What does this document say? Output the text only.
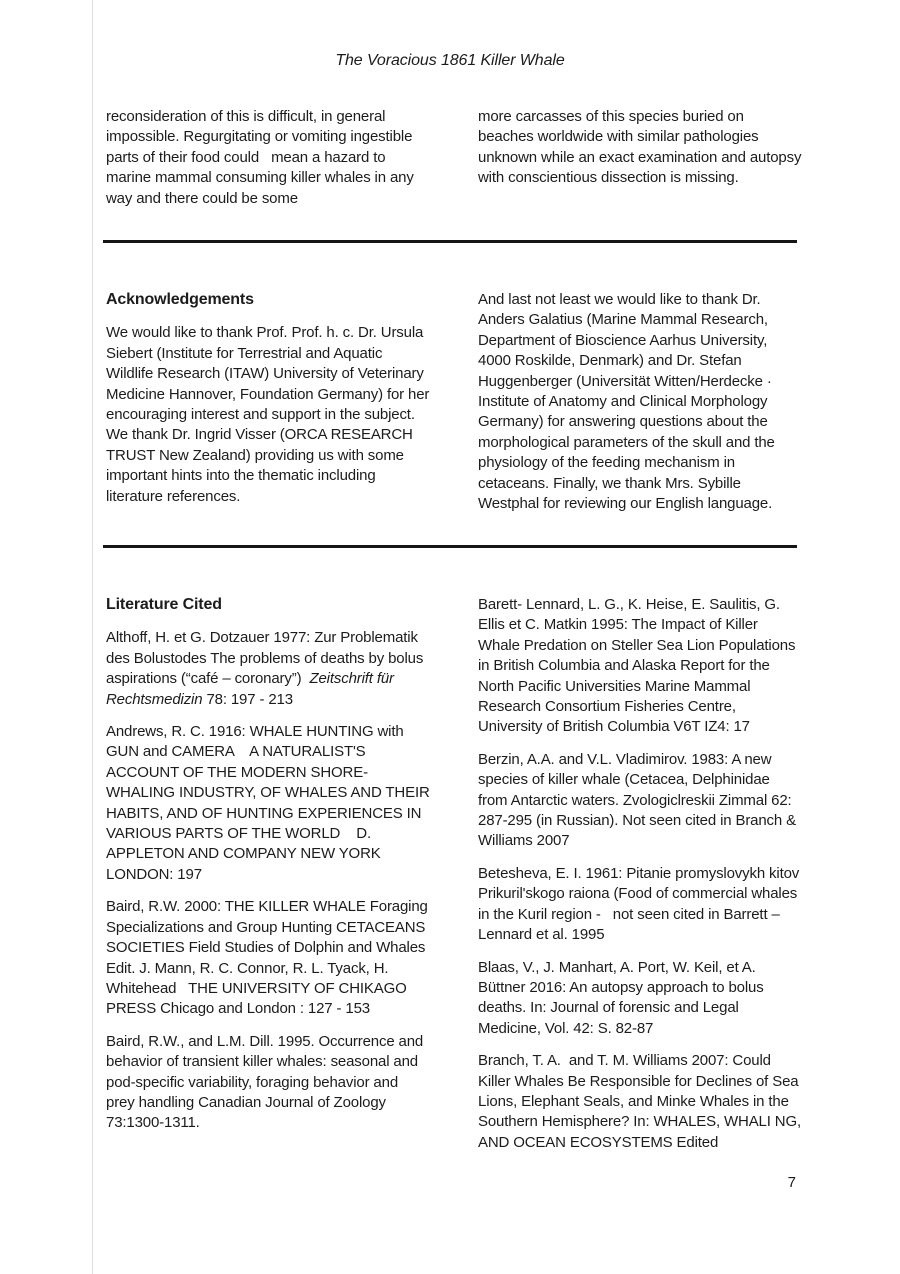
The Voracious 1861 Killer Whale

reconsideration of this is difficult, in general impossible. Regurgitating or vomiting ingestible parts of their food could   mean a hazard to marine mammal consuming killer whales in any way and there could be some

more carcasses of this species buried on beaches worldwide with similar pathologies unknown while an exact examination and autopsy with conscientious dissection is missing.

Acknowledgements

We would like to thank Prof. Prof. h. c. Dr. Ursula Siebert (Institute for Terrestrial and Aquatic Wildlife Research (ITAW) University of Veterinary Medicine Hannover, Foundation Germany) for her encouraging interest and support in the subject. We thank Dr. Ingrid Visser (ORCA RESEARCH TRUST New Zealand) providing us with some important hints into the thematic including literature references.

And last not least we would like to thank Dr. Anders Galatius (Marine Mammal Research, Department of Bioscience Aarhus University, 4000 Roskilde, Denmark) and Dr. Stefan Huggenberger (Universität Witten/Herdecke · Institute of Anatomy and Clinical Morphology Germany) for answering questions about the morphological parameters of the skull and the physiology of the feeding mechanism in cetaceans. Finally, we thank Mrs. Sybille Westphal for reviewing our English language.

Literature Cited

Althoff, H. et G. Dotzauer 1977: Zur Problematik des Bolustodes The problems of deaths by bolus aspirations (“café – coronary”)  Zeitschrift für Rechtsmedizin 78: 197 - 213

Andrews, R. C. 1916: WHALE HUNTING with GUN and CAMERA    A NATURALIST'S ACCOUNT OF THE MODERN SHORE-WHALING INDUSTRY, OF WHALES AND THEIR HABITS, AND OF HUNTING EXPERIENCES IN VARIOUS PARTS OF THE WORLD    D. APPLETON AND COMPANY NEW YORK LONDON: 197

Baird, R.W. 2000: THE KILLER WHALE Foraging Specializations and Group Hunting CETACEANS SOCIETIES Field Studies of Dolphin and Whales Edit. J. Mann, R. C. Connor, R. L. Tyack, H. Whitehead   THE UNIVERSITY OF CHIKAGO PRESS Chicago and London : 127 - 153

Baird, R.W., and L.M. Dill. 1995. Occurrence and behavior of transient killer whales: seasonal and pod-specific variability, foraging behavior and prey handling Canadian Journal of Zoology 73:1300-1311.

Barett- Lennard, L. G., K. Heise, E. Saulitis, G. Ellis et C. Matkin 1995: The Impact of Killer Whale Predation on Steller Sea Lion Populations in British Columbia and Alaska Report for the North Pacific Universities Marine Mammal Research Consortium Fisheries Centre, University of British Columbia V6T IZ4: 17

Berzin, A.A. and V.L. Vladimirov. 1983: A new species of killer whale (Cetacea, Delphinidae from Antarctic waters. Zvologiclreskii Zimmal 62: 287-295 (in Russian). Not seen cited in Branch & Williams 2007

Betesheva, E. I. 1961: Pitanie promyslovykh kitov Prikuril'skogo raiona (Food of commercial whales in the Kuril region -   not seen cited in Barrett – Lennard et al. 1995

Blaas, V., J. Manhart, A. Port, W. Keil, et A. Büttner 2016: An autopsy approach to bolus deaths. In: Journal of forensic and Legal Medicine, Vol. 42: S. 82-87

Branch, T. A.  and T. M. Williams 2007: Could Killer Whales Be Responsible for Declines of Sea Lions, Elephant Seals, and Minke Whales in the Southern Hemisphere? In: WHALES, WHALI NG, AND OCEAN ECOSYSTEMS Edited

7
